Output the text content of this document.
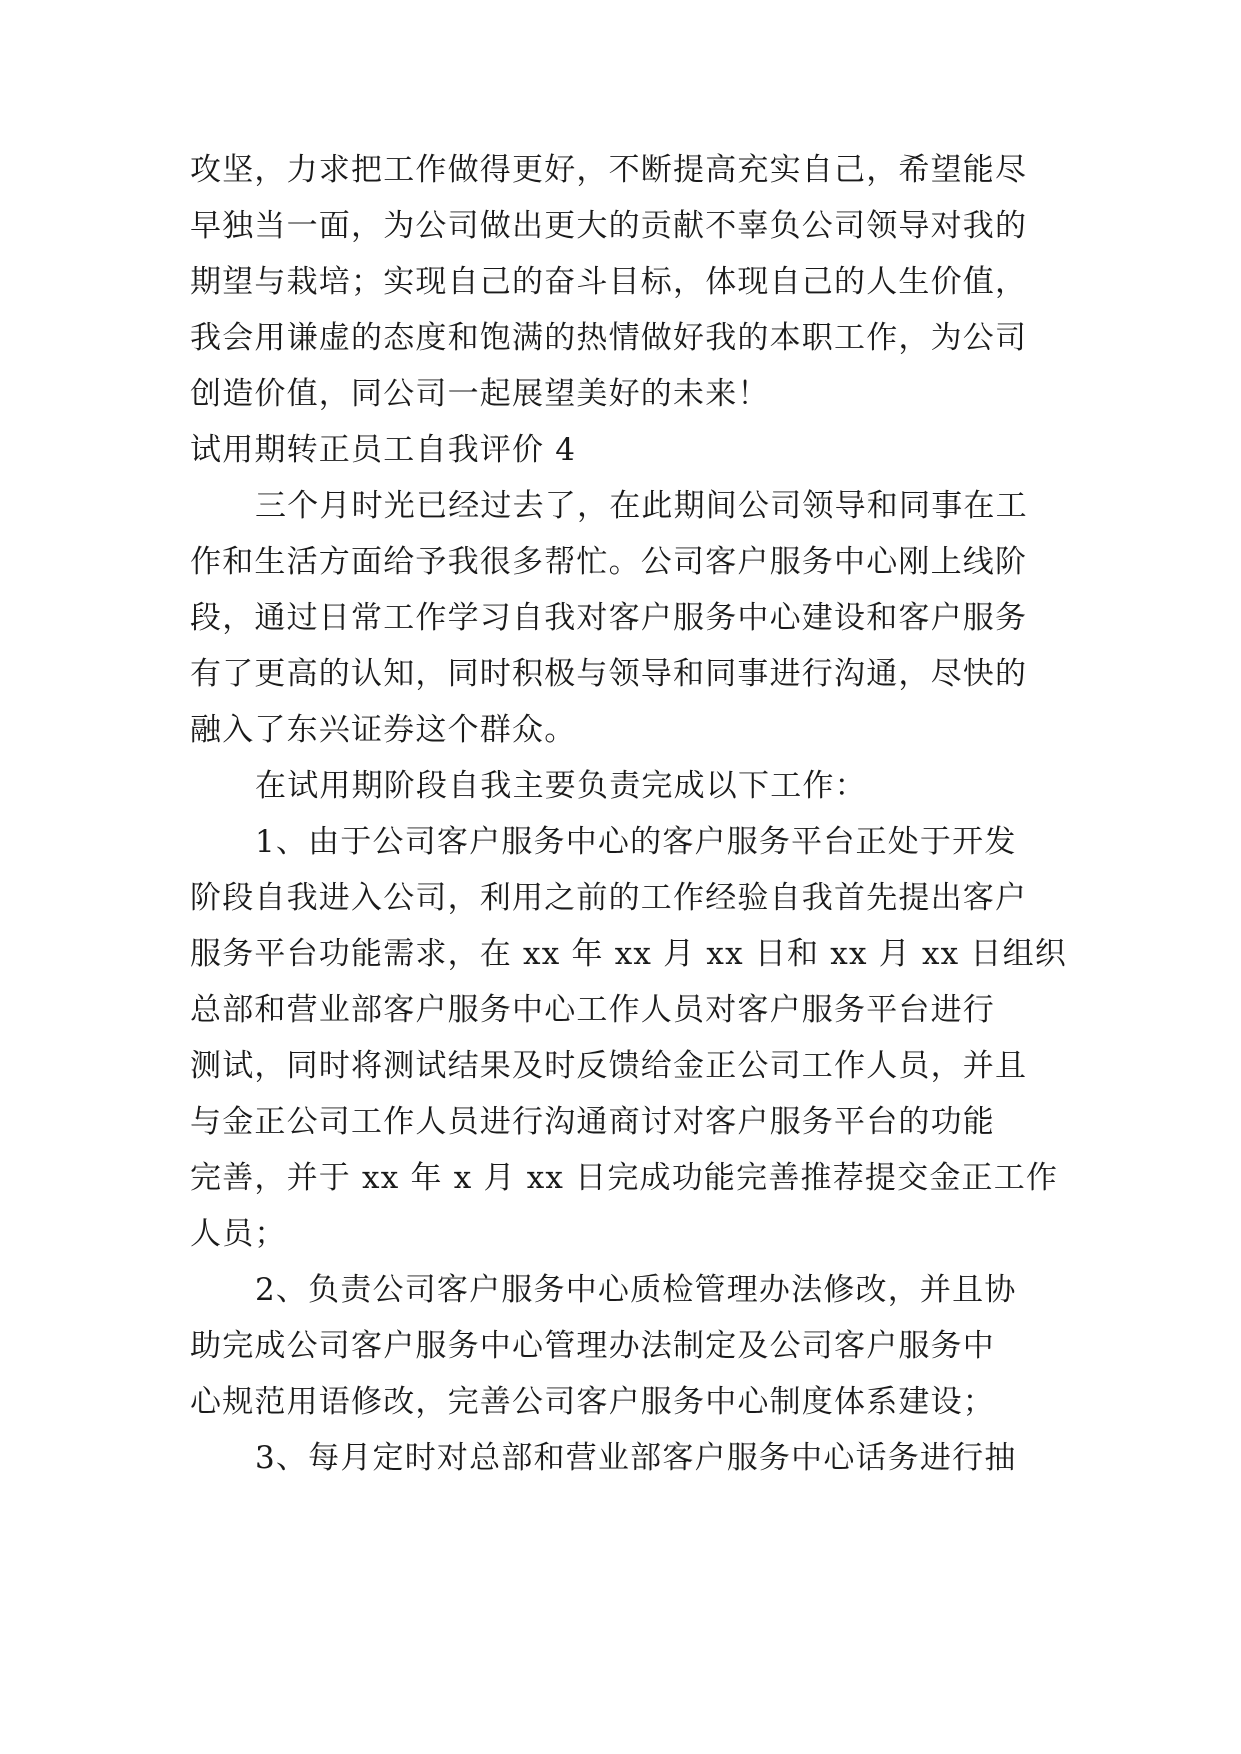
攻坚，力求把工作做得更好，不断提高充实自己，希望能尽
早独当一面，为公司做出更大的贡献不辜负公司领导对我的
期望与栽培；实现自己的奋斗目标，体现自己的人生价值，
我会用谦虚的态度和饱满的热情做好我的本职工作，为公司
创造价值，同公司一起展望美好的未来！
试用期转正员工自我评价 4
三个月时光已经过去了，在此期间公司领导和同事在工
作和生活方面给予我很多帮忙。公司客户服务中心刚上线阶
段，通过日常工作学习自我对客户服务中心建设和客户服务
有了更高的认知，同时积极与领导和同事进行沟通，尽快的
融入了东兴证券这个群众。
在试用期阶段自我主要负责完成以下工作：
1、由于公司客户服务中心的客户服务平台正处于开发
阶段自我进入公司，利用之前的工作经验自我首先提出客户
服务平台功能需求，在 xx 年 xx 月 xx 日和 xx 月 xx 日组织
总部和营业部客户服务中心工作人员对客户服务平台进行
测试，同时将测试结果及时反馈给金正公司工作人员，并且
与金正公司工作人员进行沟通商讨对客户服务平台的功能
完善，并于 xx 年 x 月 xx 日完成功能完善推荐提交金正工作
人员；
2、负责公司客户服务中心质检管理办法修改，并且协
助完成公司客户服务中心管理办法制定及公司客户服务中
心规范用语修改，完善公司客户服务中心制度体系建设；
3、每月定时对总部和营业部客户服务中心话务进行抽
